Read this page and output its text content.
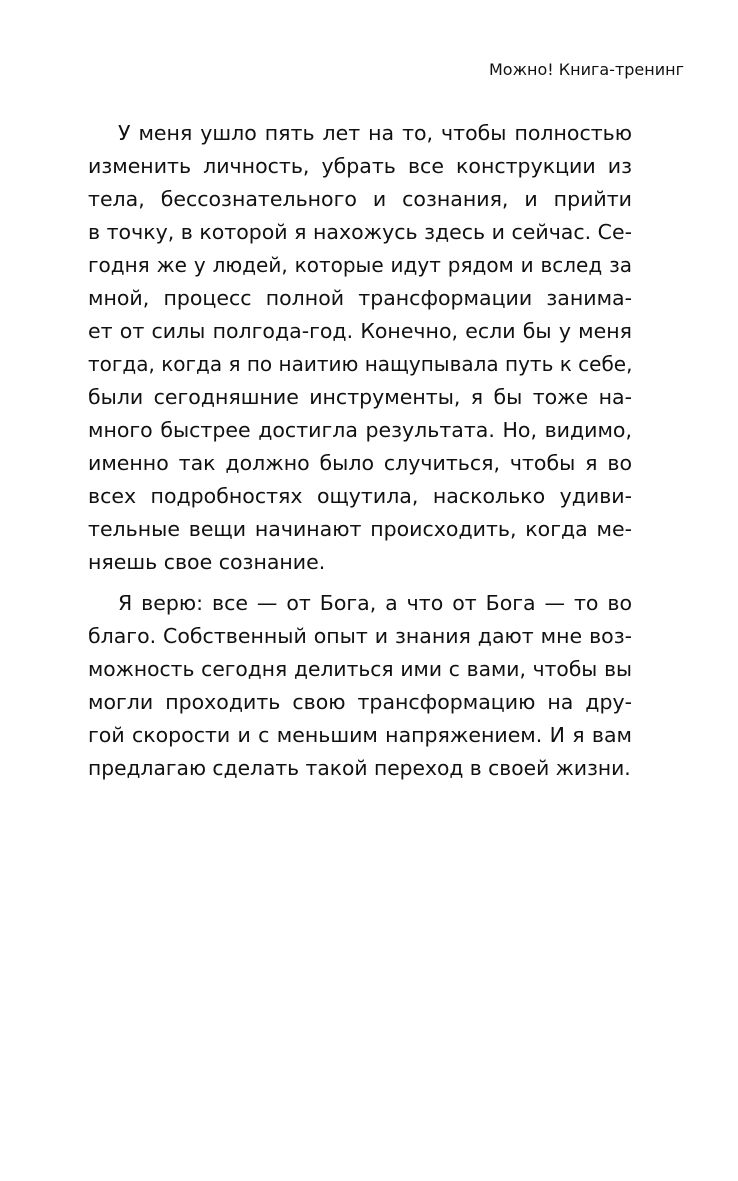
Можно! Книга-тренинг
У меня ушло пять лет на то, чтобы полностью
изменить личность, убрать все конструкции из
тела, бессознательного и сознания, и прийти
в точку, в которой я нахожусь здесь и сейчас. Се-
годня же у людей, которые идут рядом и вслед за
мной, процесс полной трансформации занима-
ет от силы полгода-год. Конечно, если бы у меня
тогда, когда я по наитию нащупывала путь к себе,
были сегодняшние инструменты, я бы тоже на-
много быстрее достигла результата. Но, видимо,
именно так должно было случиться, чтобы я во
всех подробностях ощутила, насколько удиви-
тельные вещи начинают происходить, когда ме-
няешь свое сознание.
Я верю: все — от Бога, а что от Бога — то во
благо. Собственный опыт и знания дают мне воз-
можность сегодня делиться ими с вами, чтобы вы
могли проходить свою трансформацию на дру-
гой скорости и с меньшим напряжением. И я вам
предлагаю сделать такой переход в своей жизни.
